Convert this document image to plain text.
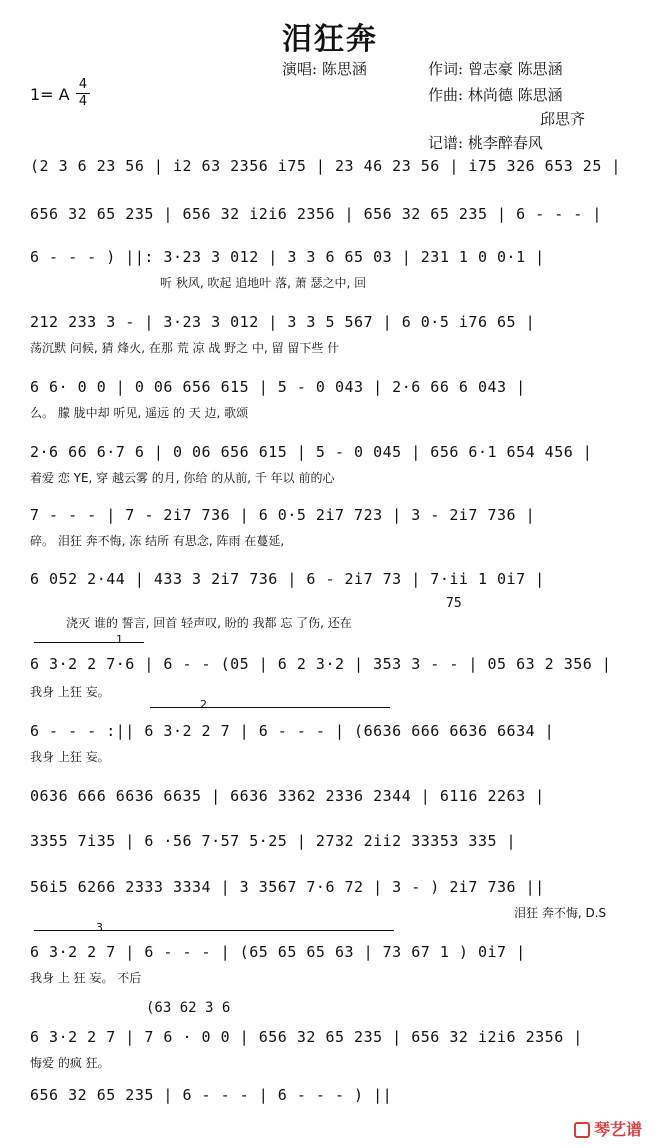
泪狂奔
演唱: 陈思涵	作词: 曾志豪 陈思涵
作曲: 林尚德 陈思涵
邱思齐
记谱: 桃李醉春风
1= A
4
4
(2 3 6 23 56 | i2 63 2356 i75 | 23 46 23 56 | i75 326 653 25 |
656 32 65 235 | 656 32 i2i6 2356 | 656 32 65 235 | 6 - - - |
6 - - - ) ||: 3·23 3 012 | 3 3 6 65 03 | 231 1 0 0·1 |
听 秋风, 吹起 追地叶 落, 萧 瑟之中, 回
212 233 3 - | 3·23 3 012 | 3 3 5 567 | 6 0·5 i76 65 |
荡沉默 问候, 猜 烽火, 在那 荒 凉 战 野之 中, 留 留下些 什
6 6· 0 0 | 0 06 656 615 | 5 - 0 043 | 2·6 66 6 043 |
么。 朦 胧中却 听见, 遥远 的 天 边, 歌颂
2·6 66 6·7 6 | 0 06 656 615 | 5 - 0 045 | 656 6·1 654 456 |
着爱 恋 YE, 穿 越云雾 的月, 你给 的从前, 千 年以 前的心
7 - - - | 7 - 2i7 736 | 6 0·5 2i7 723 | 3 - 2i7 736 |
碎。 泪狂 奔不悔, 冻 结所 有思念, 阵雨 在蔓延,
6 052 2·44 | 433 3 2i7 736 | 6 - 2i7 73 | 7·ii 1 0i7 |
75
浇灭 谁的 誓言, 回首 轻声叹, 盼的 我都 忘 了伤, 还在
1
6 3·2 2 7·6 | 6 - - (05 | 6 2 3·2 | 353 3 - - | 05 63 2 356 |
我身 上狂 妄。
2
6 - - - :|| 6 3·2 2 7 | 6 - - - | (6636 666 6636 6634 |
我身 上狂 妄。
0636 666 6636 6635 | 6636 3362 2336 2344 | 6116 2263 |
3355 7i35 | 6 ·56 7·57 5·25 | 2732 2ii2 33353 335 |
56i5 6266 2333 3334 | 3 3567 7·6 72 | 3 - ) 2i7 736 ||
泪狂 奔不悔, D.S
3
6 3·2 2 7 | 6 - - - | (65 65 65 63 | 73 67 1 ) 0i7 |
我身 上 狂 妄。 不后
(63 62 3 6
6 3·2 2 7 | 7 6 · 0 0 | 656 32 65 235 | 656 32 i2i6 2356 |
悔爱 的疯 狂。
656 32 65 235 | 6 - - - | 6 - - - ) ||
琴艺谱
